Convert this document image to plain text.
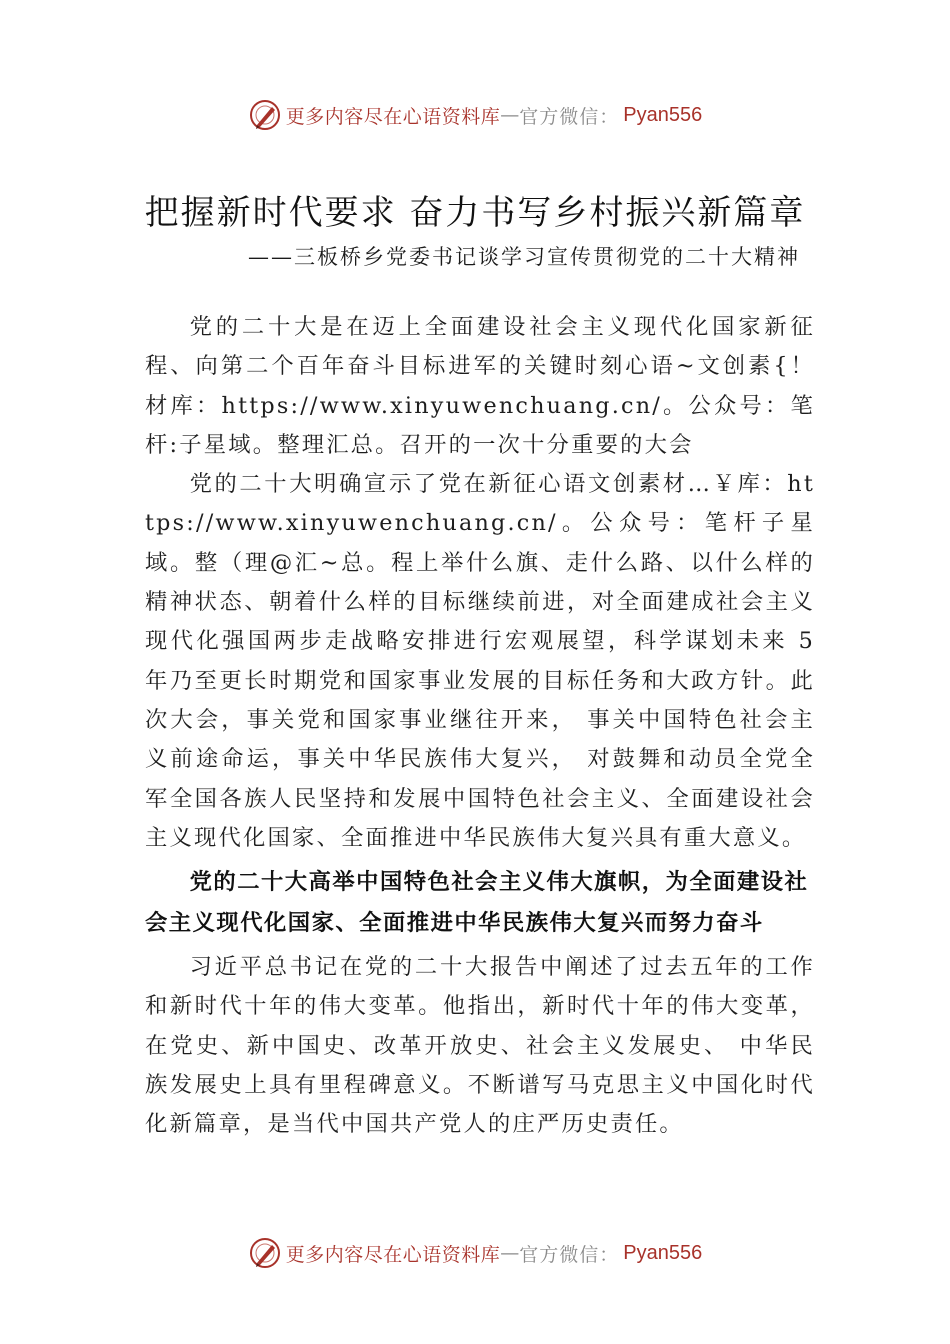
更多内容尽在心语资料库 — 官方微信： Pyan556
把握新时代要求 奋力书写乡村振兴新篇章
——三板桥乡党委书记谈学习宣传贯彻党的二十大精神

党的二十大是在迈上全面建设社会主义现代化国家新征程、向第二个百年奋斗目标进军的关键时刻心语~文创素{！材库：https://www.xinyuwenchuang.cn/。公众号：笔杆:子星域。整理汇总。召开的一次十分重要的大会

党的二十大明确宣示了党在新征心语文创素材…￥库：https://www.xinyuwenchuang.cn/。公众号：笔杆子星域。整（理@汇~总。程上举什么旗、走什么路、以什么样的精神状态、朝着什么样的目标继续前进，对全面建成社会主义现代化强国两步走战略安排进行宏观展望，科学谋划未来 5 年乃至更长时期党和国家事业发展的目标任务和大政方针。此次大会，事关党和国家事业继往开来， 事关中国特色社会主义前途命运，事关中华民族伟大复兴， 对鼓舞和动员全党全军全国各族人民坚持和发展中国特色社会主义、全面建设社会主义现代化国家、全面推进中华民族伟大复兴具有重大意义。

党的二十大高举中国特色社会主义伟大旗帜，为全面建设社会主义现代化国家、全面推进中华民族伟大复兴而努力奋斗

习近平总书记在党的二十大报告中阐述了过去五年的工作和新时代十年的伟大变革。他指出，新时代十年的伟大变革，在党史、新中国史、改革开放史、社会主义发展史、 中华民族发展史上具有里程碑意义。不断谱写马克思主义中国化时代化新篇章，是当代中国共产党人的庄严历史责任。

更多内容尽在心语资料库 — 官方微信： Pyan556
